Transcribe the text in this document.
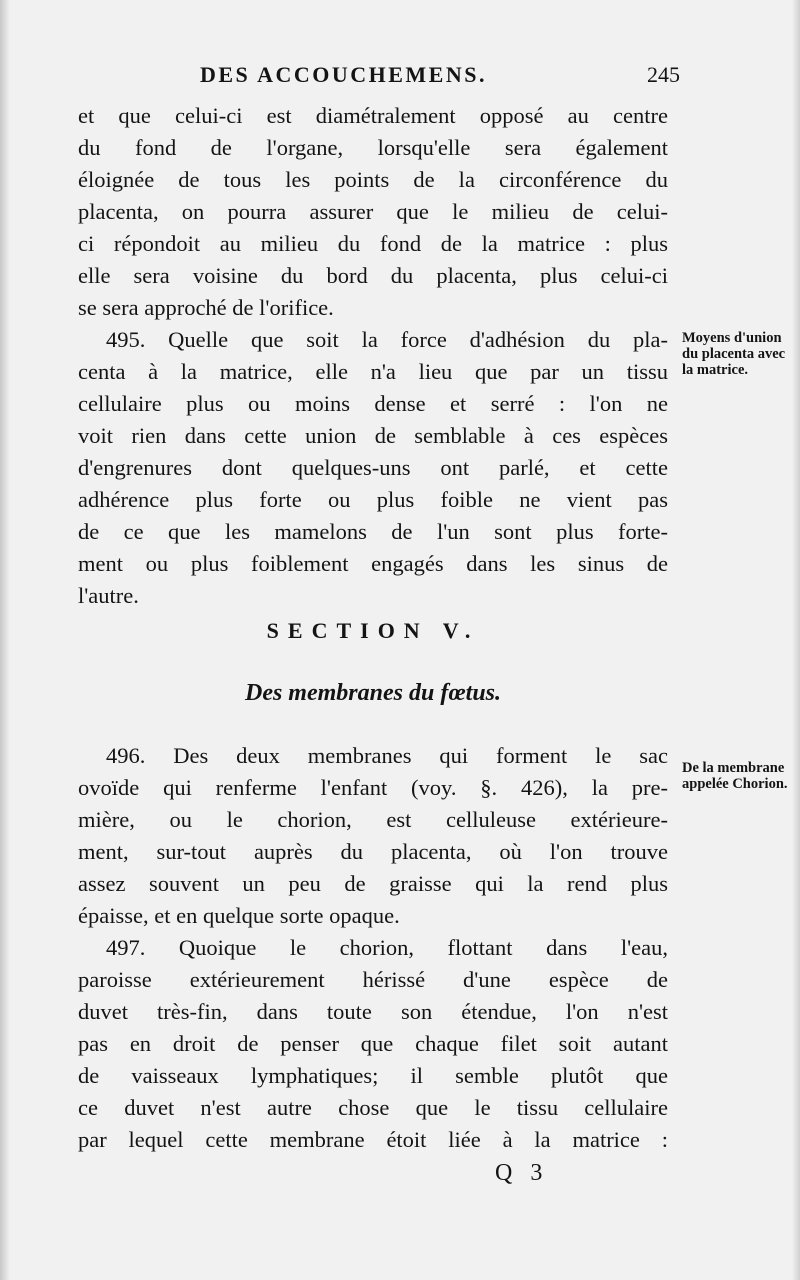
DES ACCOUCHEMENS.	245
et que celui-ci est diamétralement opposé au centre
du fond de l'organe, lorsqu'elle sera également
éloignée de tous les points de la circonférence du
placenta, on pourra assurer que le milieu de celui-
ci répondoit au milieu du fond de la matrice : plus
elle sera voisine du bord du placenta, plus celui-ci
se sera approché de l'orifice.
495. Quelle que soit la force d'adhésion du pla-
centa à la matrice, elle n'a lieu que par un tissu
cellulaire plus ou moins dense et serré : l'on ne
voit rien dans cette union de semblable à ces espèces
d'engrenures dont quelques-uns ont parlé, et cette
adhérence plus forte ou plus foible ne vient pas
de ce que les mamelons de l'un sont plus forte-
ment ou plus foiblement engagés dans les sinus de
l'autre.
SECTION V.
Des membranes du fœtus.
496. Des deux membranes qui forment le sac
ovoïde qui renferme l'enfant (voy. §. 426), la pre-
mière, ou le chorion, est celluleuse extérieure-
ment, sur-tout auprès du placenta, où l'on trouve
assez souvent un peu de graisse qui la rend plus
épaisse, et en quelque sorte opaque.
497. Quoique le chorion, flottant dans l'eau,
paroisse extérieurement hérissé d'une espèce de
duvet très-fin, dans toute son étendue, l'on n'est
pas en droit de penser que chaque filet soit autant
de vaisseaux lymphatiques; il semble plutôt que
ce duvet n'est autre chose que le tissu cellulaire
par lequel cette membrane étoit liée à la matrice :
Moyens d'union du placenta avec la matrice.
De la membrane appelée Chorion.
Q 3
